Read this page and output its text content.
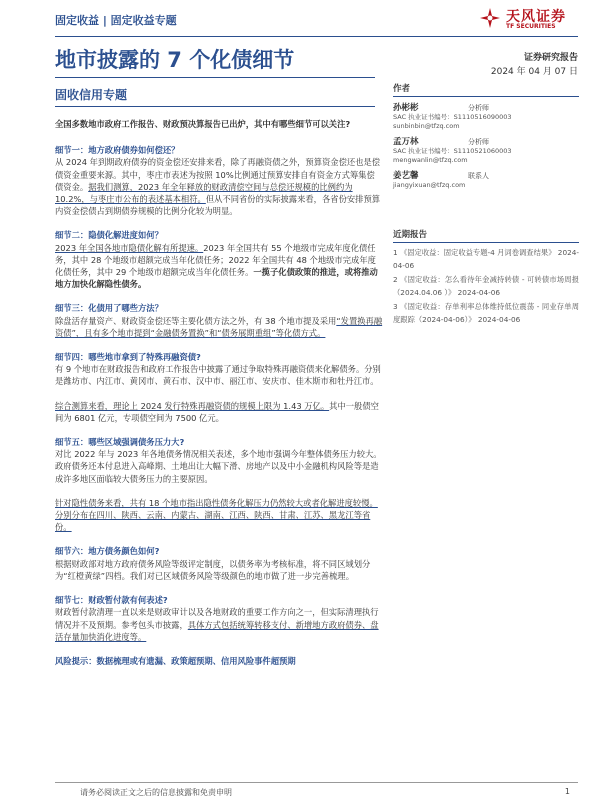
固定收益 | 固定收益专题	天风证券
TF SECURITIES
地市披露的 7 个化债细节	证券研究报告
2024 年 04 月 07 日
固收信用专题

全国多数地市政府工作报告、财政预决算报告已出炉，其中有哪些细节可以关注?

细节一：地方政府债券如何偿还？

从 2024 年到期政府债券的资金偿还安排来看，除了再融资债之外，预算资金偿还也是偿债资金重要来源。其中，枣庄市表述为按照 10%比例通过预算安排自有资金方式筹集偿债资金。据我们测算，2023 年全年释放的财政清偿空间与总偿还规模的比例约为 10.2%，与枣庄市公布的表述基本相符。但从不同省份的实际披露来看，各省份安排预算内资金偿债占到期债券规模的比例分化较为明显。

细节二：隐债化解进度如何？

2023 年全国各地市隐债化解有所提速。2023 年全国共有 55 个地级市完成年度化债任务，其中 28 个地级市超额完成当年化债任务；2022 年全国共有 48 个地级市完成年度化债任务，其中 29 个地级市超额完成当年化债任务。一揽子化债政策的推进，或将推动地方加快化解隐性债务。

细节三：化债用了哪些方法？

除盘活存量资产、财政资金偿还等主要化债方法之外，有 38 个地市提及采用“发置换再融资债”，且有多个地市提到“金融债务置换”和“债务展期重组”等化债方式。

细节四：哪些地市拿到了特殊再融资债?

有 9 个地市在财政报告和政府工作报告中披露了通过争取特殊再融资债来化解债务。分别是潍坊市、内江市、黄冈市、黄石市、汉中市、丽江市、安庆市、佳木斯市和牡丹江市。

综合测算来看，理论上 2024 发行特殊再融资债的规模上限为 1.43 万亿。其中一般债空间为 6801 亿元，专项债空间为 7500 亿元。

细节五：哪些区域强调债务压力大?

对比 2022 年与 2023 年各地债务情况相关表述，多个地市强调今年整体债务压力较大。政府债务还本付息进入高峰期、土地出让大幅下滑、房地产以及中小金融机构风险等是造成许多地区面临较大债务压力的主要原因。

针对隐性债务来看，共有 18 个地市指出隐性债务化解压力仍然较大或者化解进度较慢。分别分布在四川、陕西、云南、内蒙古、湖南、江西、陕西、甘肃、江苏、黑龙江等省份。

细节六：地方债务颜色如何?

根据财政部对地方政府债务风险等级评定制度，以债务率为考核标准，将不同区域划分为“红橙黄绿”四档。我们对已区域债务风险等级颜色的地市做了进一步完善梳理。

细节七：财政暂付款有何表述?

财政暂付款清理一直以来是财政审计以及各地财政的重要工作方向之一，但实际清理执行情况并不及预期。参考包头市披露，具体方式包括统筹转移支付、新增地方政府债券、盘活存量加快消化进度等。

风险提示：数据梳理或有遗漏、政策超预期、信用风险事件超预期

作者
孙彬彬	分析师
SAC 执业证书编号：S1110516090003
sunbinbin@tfzq.com
孟万林	分析师
SAC 执业证书编号：S1110521060003
mengwanlin@tfzq.com
姜艺馨	联系人
jiangyixuan@tfzq.com
近期报告
1 《固定收益：固定收益专题-4 月词卷调查结果》 2024-04-06
2 《固定收益：怎么看待年金减持转债 - 可转债市场周报（2024.04.06 ）》 2024-04-06
3 《固定收益：存单利率总体维持低位震荡 - 同业存单周度跟踪（2024-04-06）》 2024-04-06
请务必阅读正文之后的信息披露和免责申明	1
